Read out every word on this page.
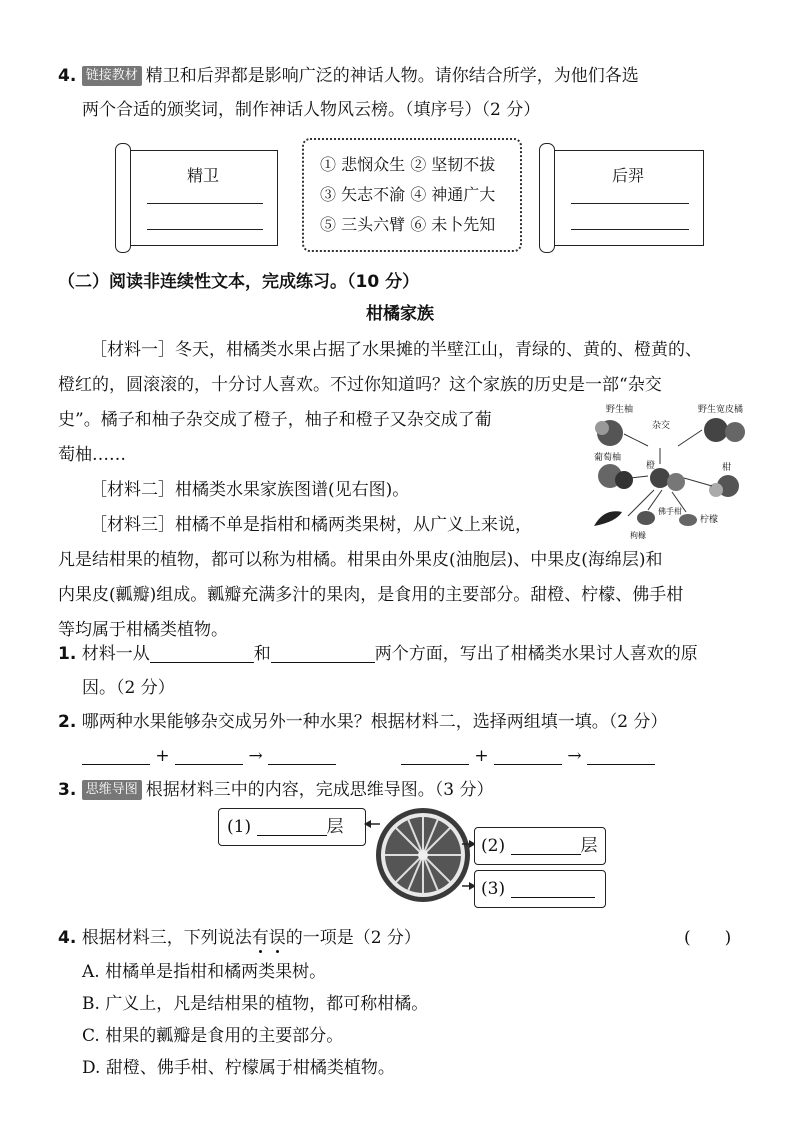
4. 链接教材 精卫和后羿都是影响广泛的神话人物。请你结合所学，为他们各选
两个合适的颁奖词，制作神话人物风云榜。（填序号）（2 分）
精卫
① 悲悯众生 ② 坚韧不拔
③ 矢志不渝 ④ 神通广大
⑤ 三头六臂 ⑥ 未卜先知
后羿
（二）阅读非连续性文本，完成练习。（10 分）
柑橘家族
［材料一］冬天，柑橘类水果占据了水果摊的半壁江山，青绿的、黄的、橙黄的、
橙红的，圆滚滚的，十分讨人喜欢。不过你知道吗？这个家族的历史是一部“杂交
史”。橘子和柚子杂交成了橙子，柚子和橙子又杂交成了葡
萄柚……
［材料二］柑橘类水果家族图谱(见右图)。
［材料三］柑橘不单是指柑和橘两类果树，从广义上来说，
凡是结柑果的植物，都可以称为柑橘。柑果由外果皮(油胞层)、中果皮(海绵层)和
内果皮(瓤瓣)组成。瓤瓣充满多汁的果肉，是食用的主要部分。甜橙、柠檬、佛手柑
等均属于柑橘类植物。
野生柚	野生宽皮橘
杂交
葡萄柚
橙	柑
枸橼
佛手柑
柠檬
1. 材料一从	和	两个方面，写出了柑橘类水果讨人喜欢的原
因。（2 分）
2. 哪两种水果能够杂交成另外一种水果？根据材料二，选择两组填一填。（2 分）
+	→	+	→
3. 思维导图 根据材料三中的内容，完成思维导图。（3 分）
(1)	层
(2)	层
(3)
4. 根据材料三，下列说法有误的一项是（2 分）	(　　)
A. 柑橘单是指柑和橘两类果树。
B. 广义上，凡是结柑果的植物，都可称柑橘。
C. 柑果的瓤瓣是食用的主要部分。
D. 甜橙、佛手柑、柠檬属于柑橘类植物。
